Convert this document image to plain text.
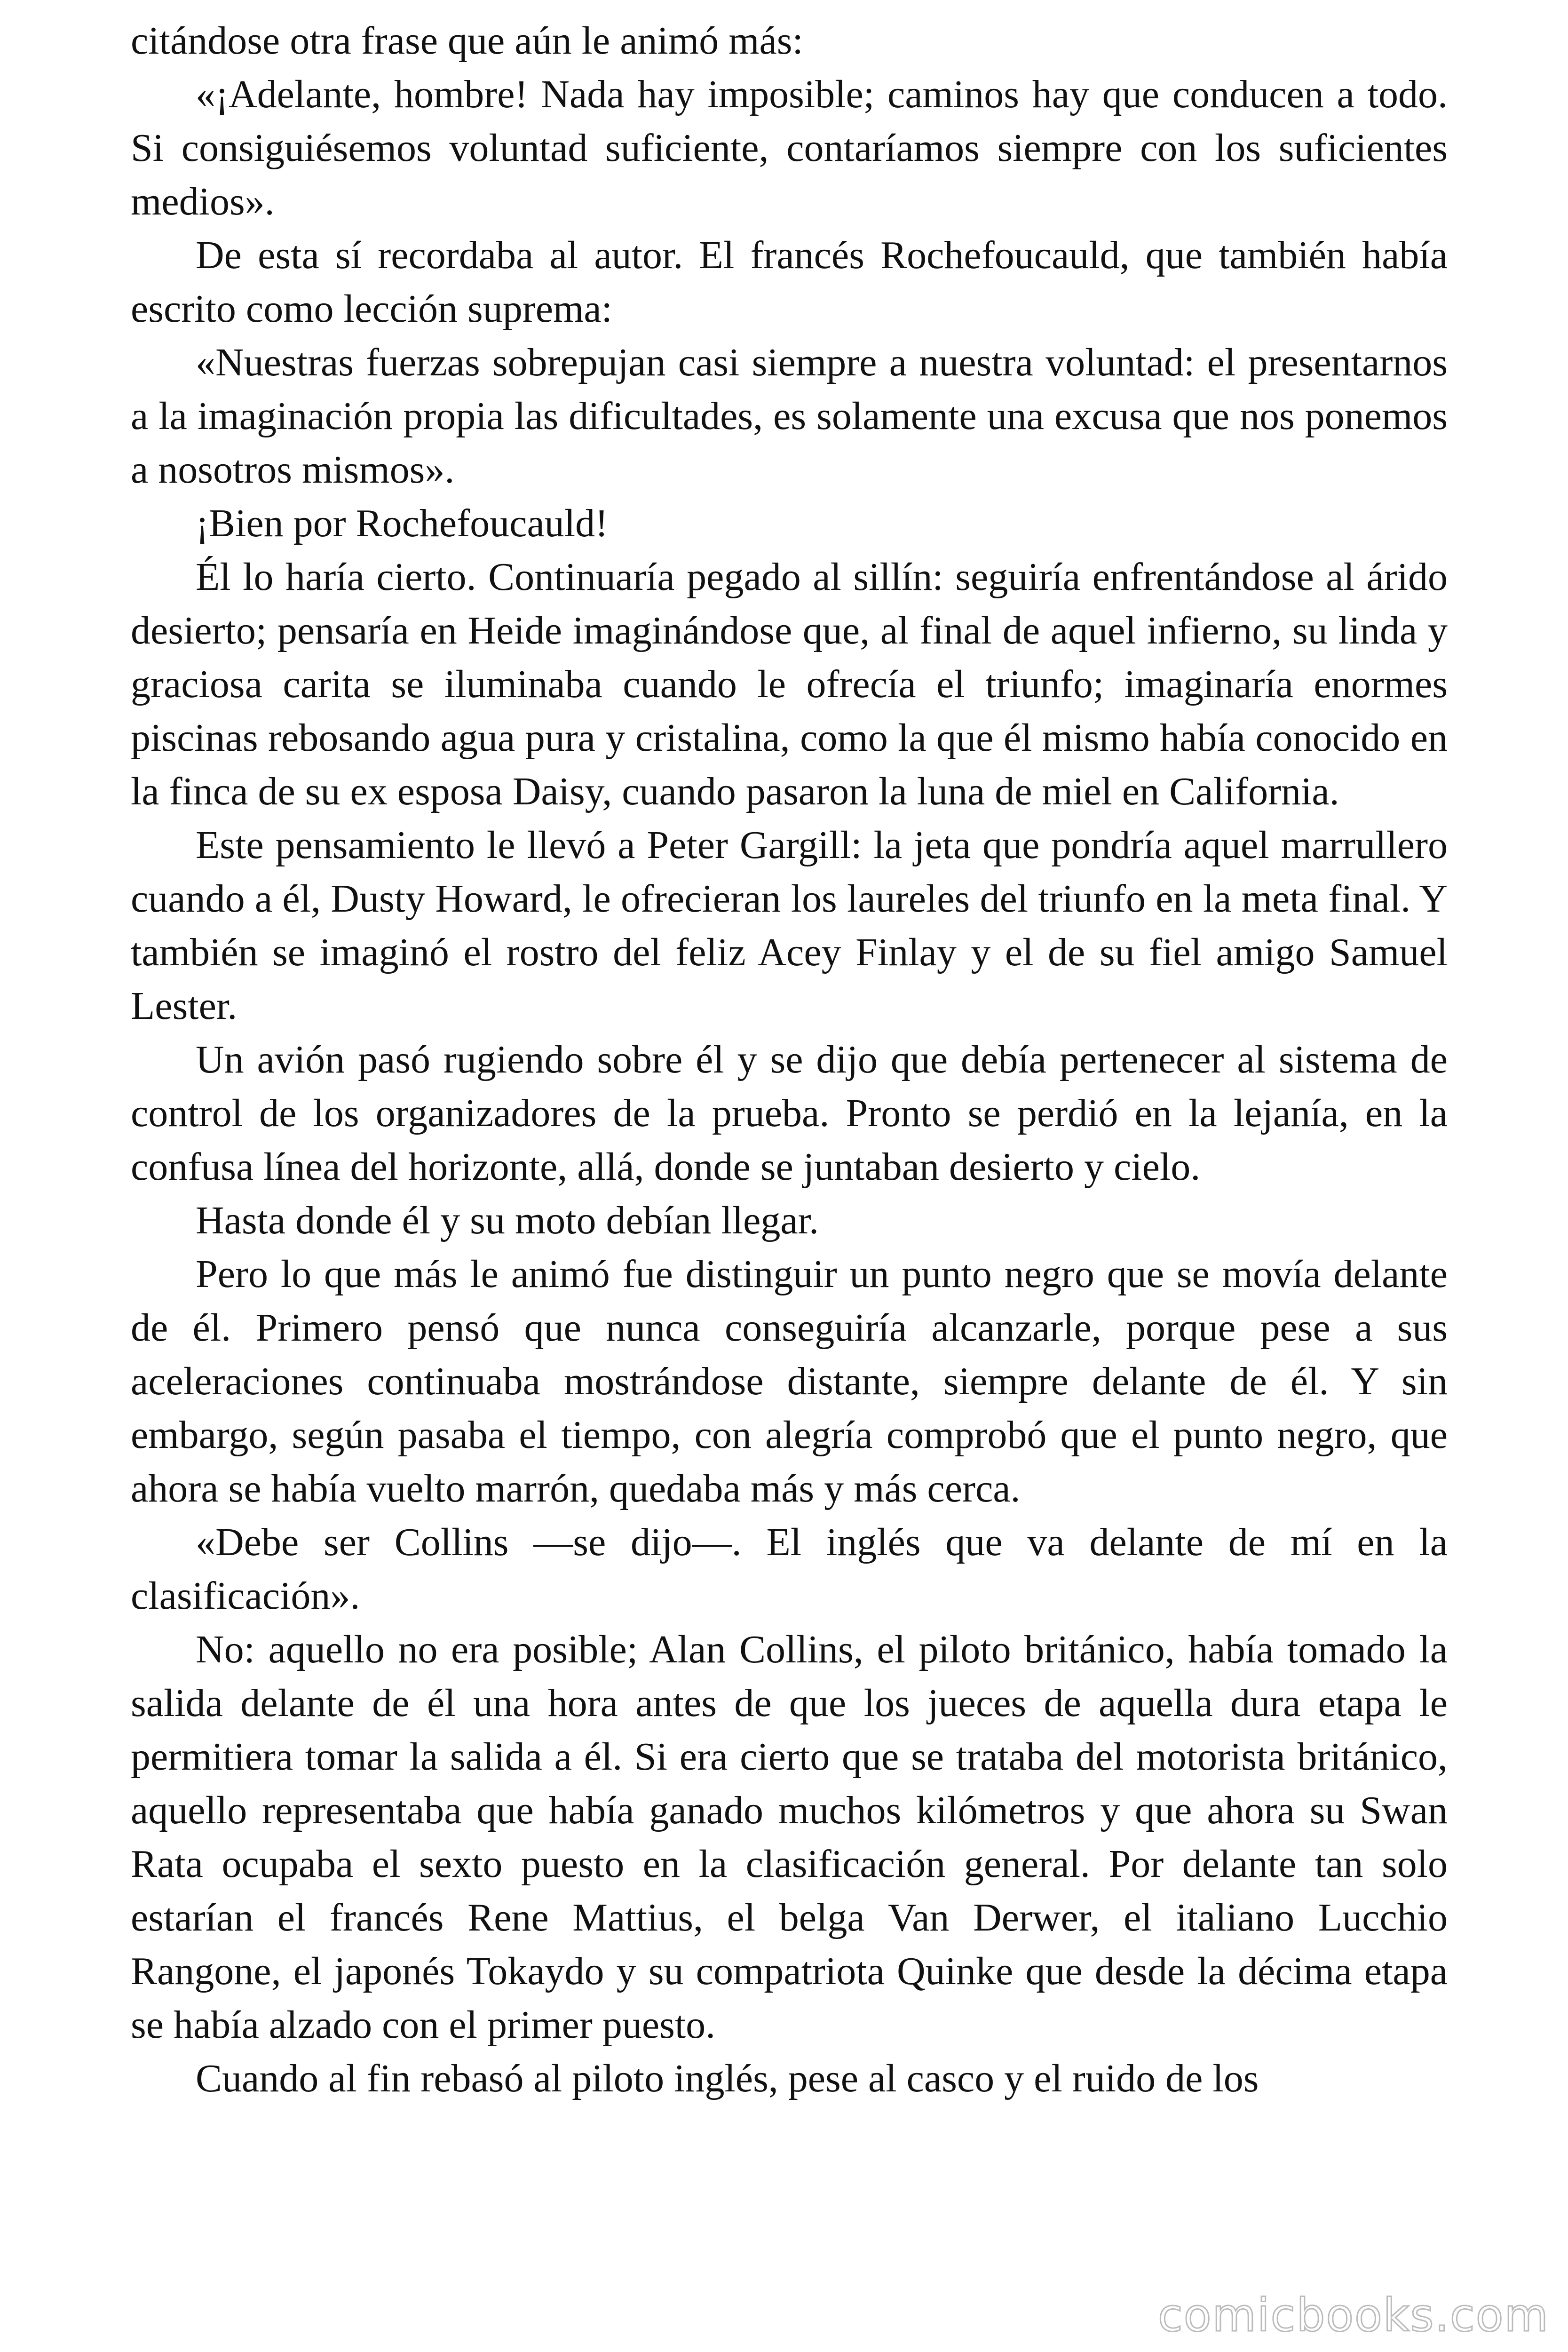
citándose otra frase que aún le animó más:

«¡Adelante, hombre! Nada hay imposible; caminos hay que conducen a todo. Si consiguiésemos voluntad suficiente, contaríamos siempre con los suficientes medios».

De esta sí recordaba al autor. El francés Rochefoucauld, que también había escrito como lección suprema:

«Nuestras fuerzas sobrepujan casi siempre a nuestra voluntad: el presentarnos a la imaginación propia las dificultades, es solamente una excusa que nos ponemos a nosotros mismos».

¡Bien por Rochefoucauld!

Él lo haría cierto. Continuaría pegado al sillín: seguiría enfrentándose al árido desierto; pensaría en Heide imaginándose que, al final de aquel infierno, su linda y graciosa carita se iluminaba cuando le ofrecía el triunfo; imaginaría enormes piscinas rebosando agua pura y cristalina, como la que él mismo había conocido en la finca de su ex esposa Daisy, cuando pasaron la luna de miel en California.

Este pensamiento le llevó a Peter Gargill: la jeta que pondría aquel marrullero cuando a él, Dusty Howard, le ofrecieran los laureles del triunfo en la meta final. Y también se imaginó el rostro del feliz Acey Finlay y el de su fiel amigo Samuel Lester.

Un avión pasó rugiendo sobre él y se dijo que debía pertenecer al sistema de control de los organizadores de la prueba. Pronto se perdió en la lejanía, en la confusa línea del horizonte, allá, donde se juntaban desierto y cielo.

Hasta donde él y su moto debían llegar.

Pero lo que más le animó fue distinguir un punto negro que se movía delante de él. Primero pensó que nunca conseguiría alcanzarle, porque pese a sus aceleraciones continuaba mostrándose distante, siempre delante de él. Y sin embargo, según pasaba el tiempo, con alegría comprobó que el punto negro, que ahora se había vuelto marrón, quedaba más y más cerca.

«Debe ser Collins —se dijo—. El inglés que va delante de mí en la clasificación».

No: aquello no era posible; Alan Collins, el piloto británico, había tomado la salida delante de él una hora antes de que los jueces de aquella dura etapa le permitiera tomar la salida a él. Si era cierto que se trataba del motorista británico, aquello representaba que había ganado muchos kilómetros y que ahora su Swan Rata ocupaba el sexto puesto en la clasificación general. Por delante tan solo estarían el francés Rene Mattius, el belga Van Derwer, el italiano Lucchio Rangone, el japonés Tokaydo y su compatriota Quinke que desde la décima etapa se había alzado con el primer puesto.

Cuando al fin rebasó al piloto inglés, pese al casco y el ruido de los

comicbooks.com
